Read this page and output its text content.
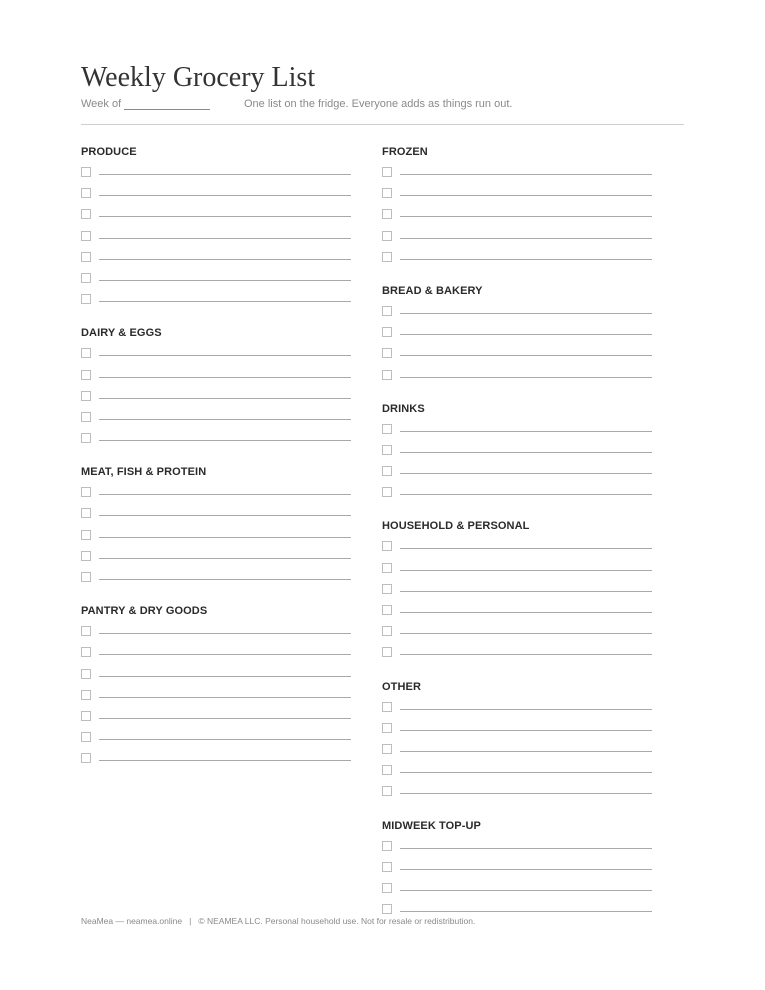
Weekly Grocery List
Week of	One list on the fridge. Everyone adds as things run out.
PRODUCE
DAIRY & EGGS
MEAT, FISH & PROTEIN
PANTRY & DRY GOODS
FROZEN
BREAD & BAKERY
DRINKS
HOUSEHOLD & PERSONAL
OTHER
MIDWEEK TOP-UP
NeaMea — neamea.online | © NEAMEA LLC. Personal household use. Not for resale or redistribution.
